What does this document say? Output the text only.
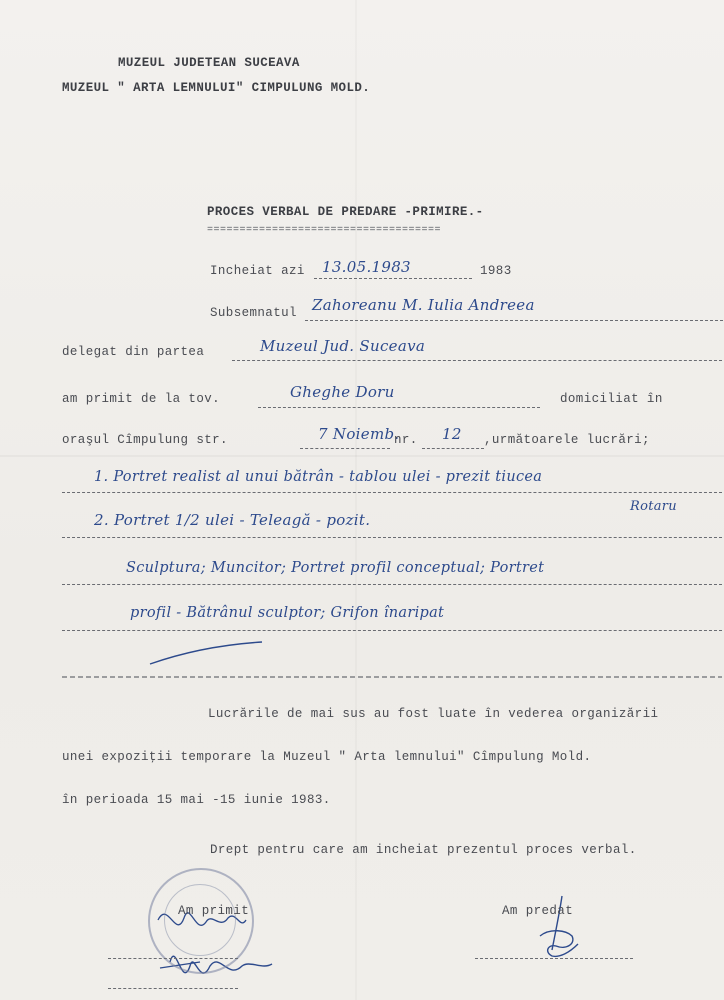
MUZEUL JUDETEAN SUCEAVA
MUZEUL " ARTA LEMNULUI" CIMPULUNG MOLD.
PROCES VERBAL DE PREDARE -PRIMIRE.-
====================================
Incheiat azi 13.05.1983	1983
Subsemnatul Zahoreanu M. Iulia Andreea
delegat din partea	Muzeul Jud. Suceava
am primit de la tov.	Gheghe Doru	domiciliat în
oraşul Cîmpulung str.	7 Noiemb.
nr. 12 ,următoarele lucrări;
1. Portret realist al unui bătrân - tablou ulei - prezit tiucea
Rotaru
2. Portret 1/2 ulei - Teleagă - pozit.
Sculptura; Muncitor; Portret profil conceptual; Portret
profil - Bătrânul sculptor; Grifon înaripat
Lucrările de mai sus au fost luate în vederea organizării
unei expoziţii temporare la Muzeul " Arta lemnului" Cîmpulung Mold.
în perioada 15 mai -15 iunie 1983.
Drept pentru care am incheiat prezentul proces verbal.
Am primit	Am predat
